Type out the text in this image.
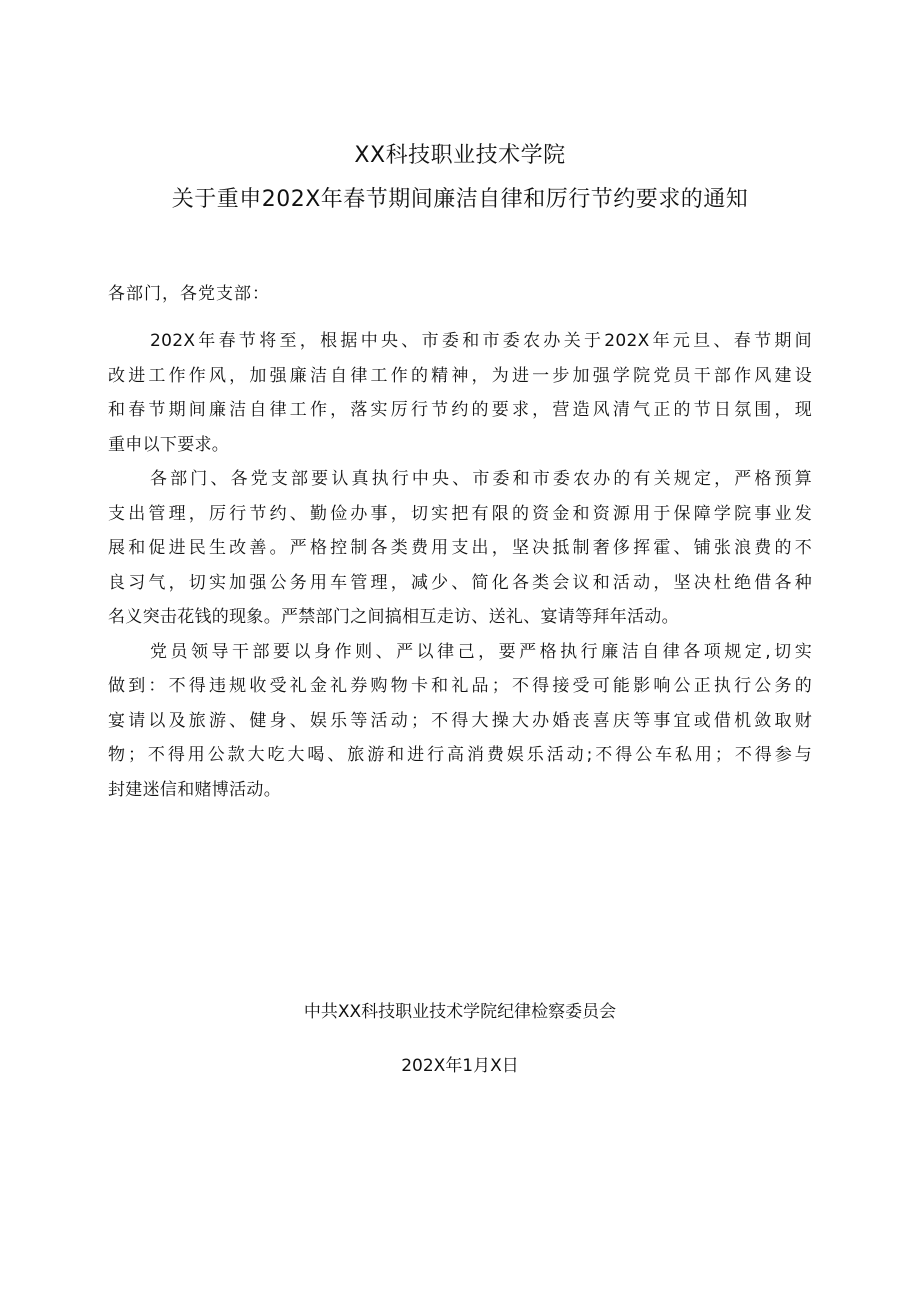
XX科技职业技术学院
关于重申202X年春节期间廉洁自律和厉行节约要求的通知
各部门，各党支部：
202X年春节将至，根据中央、市委和市委农办关于202X年元旦、春节期间
改进工作作风，加强廉洁自律工作的精神，为进一步加强学院党员干部作风建设
和春节期间廉洁自律工作，落实厉行节约的要求，营造风清气正的节日氛围，现
重申以下要求。
各部门、各党支部要认真执行中央、市委和市委农办的有关规定，严格预算
支出管理，厉行节约、勤俭办事，切实把有限的资金和资源用于保障学院事业发
展和促进民生改善。严格控制各类费用支出，坚决抵制奢侈挥霍、铺张浪费的不
良习气，切实加强公务用车管理，减少、简化各类会议和活动，坚决杜绝借各种
名义突击花钱的现象。严禁部门之间搞相互走访、送礼、宴请等拜年活动。
党员领导干部要以身作则、严以律己，要严格执行廉洁自律各项规定,切实
做到：不得违规收受礼金礼券购物卡和礼品；不得接受可能影响公正执行公务的
宴请以及旅游、健身、娱乐等活动；不得大操大办婚丧喜庆等事宜或借机敛取财
物；不得用公款大吃大喝、旅游和进行高消费娱乐活动;不得公车私用；不得参与
封建迷信和赌博活动。
中共XX科技职业技术学院纪律检察委员会
202X年1月X日
